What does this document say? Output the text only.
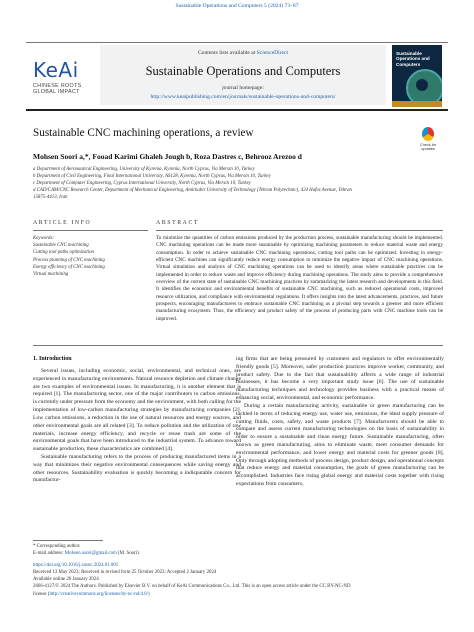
Sustainable Operations and Computers 5 (2024) 73–87
KeAi
CHINESE ROOTS
GLOBAL IMPACT
Contents lists available at ScienceDirect
Sustainable Operations and Computers
journal homepage:
http://www.keaipublishing.com/en/journals/sustainable-operations-and-computers/
Sustainable
Operations and
Computers
Sustainable CNC machining operations, a review
Check for
updates
Mohsen Soori a,*, Fooad Karimi Ghaleh Jough b, Roza Dastres c, Behrooz Arezoo d

a Department of Aeronautical Engineering, University of Kyrenia, Kyrenia, North Cyprus, Via Mersin 10, Turkey

b Department of Civil Engineering, Final International University, AS128, Kyrenia, North Cyprus, Via Mersin 10, Turkey

c Department of Computer Engineering, Cyprus International University, North Cyprus, Via Mersin 10, Turkey

d CAD/CAM/CNC Research Center, Department of Mechanical Engineering, Amirkabir University of Technology (Tehran Polytechnic), 424 Hafez Avenue, Tehran

15875-4413, Iran

ARTICLE INFO	ABSTRACT
Keywords:
Sustainable CNC machining
Cutting tool paths optimization
Process planning of CNC machining
Energy efficiency of CNC machining
Virtual machining
To minimize the quantities of carbon emissions produced by the production process, sustainable manufacturing should be implemented. CNC machining operations can be made more sustainable by optimizing machining parameters to reduce material waste and energy consumption. In order to achieve sustainable CNC machining operations, cutting tool paths can be optimized. Investing in energy-efficient CNC machines can significantly reduce energy consumption to minimize the negative impact of CNC machining operations. Virtual simulation and analysis of CNC machining operations can be used to identify areas where sustainable practices can be implemented in order to reduce waste and improve efficiency during machining operations. The study aims to provide a comprehensive overview of the current state of sustainable CNC machining practices by summarizing the latest research and developments in this field. It identifies the economic and environmental benefits of sustainable CNC machining, such as reduced operational costs, improved resource utilization, and compliance with environmental regulations. It offers insights into the latest advancements, practices, and future prospects, encouraging manufacturers to embrace sustainable CNC machining as a pivotal step towards a greener and more efficient manufacturing ecosystem. Thus, the efficiency and product safety of the process of producing parts with CNC machine tools can be improved.
1. Introduction

Several issues, including economic, social, environmental, and technical ones, are experienced in manufacturing environments. Natural resource depletion and climate change are two examples of environmental issues. In manufacturing, it is another element that is required [1]. The manufacturing sector, one of the major contributors to carbon emissions, is currently under pressure from the economy and the environment, with both calling for the implementation of low-carbon manufacturing strategies by manufacturing companies [2]. Low carbon emissions, a reduction in the use of natural resources and energy sources, and other environmental goals are all related [3]. To reduce pollution and the utilization of raw materials, increase energy efficiency, and recycle or reuse trash are some of the environmental goals that have been introduced to the industrial system. To advance toward sustainable production, these characteristics are combined [4].

Sustainable manufacturing refers to the process of producing manufactured items in a way that minimizes their negative environmental consequences while saving energy and other resources. Sustainability evaluation is quickly becoming a indisputable concern for manufactur-

ing firms that are being pressured by customers and regulators to offer environmentally friendly goods [5]. Moreover, safer production practices improve worker, community, and product safety. Due to the fact that sustainability affects a wide range of industrial businesses, it has become a very important study issue [6]. The use of sustainable manufacturing techniques and technology provides business with a practical means of enhancing social, environmental, and economic performance.

During a certain manufacturing activity, sustainable or green manufacturing can be tackled in terms of reducing energy use, water use, emissions, the ideal supply pressure of cutting fluids, costs, safety, and waste products [7]. Manufacturers should be able to compare and assess current manufacturing technologies on the basis of sustainability in order to ensure a sustainable and clean energy future. Sustainable manufacturing, often known as green manufacturing, aims to eliminate waste, meet consumer demands for environmental performance, and lower energy and material costs for greener goods [8]. Only through adopting methods of process design, product design, and operational concepts that reduce energy and material consumption, the goals of green manufacturing can be accomplished. Industries face rising global energy and material costs together with rising expectations from consumers,

* Corresponding author.
E-mail address: Mohsen.soori@gmail.com (M. Soori).
https://doi.org/10.1016/j.susoc.2024.01.001
Received 13 May 2023; Received in revised form 25 October 2023; Accepted 2 January 2024
Available online 26 January 2024
2666-4127/© 2024 The Authors. Published by Elsevier B.V. on behalf of KeAi Communications Co., Ltd. This is an open access article under the CC BY-NC-ND
license (http://creativecommons.org/licenses/by-nc-nd/4.0/)
